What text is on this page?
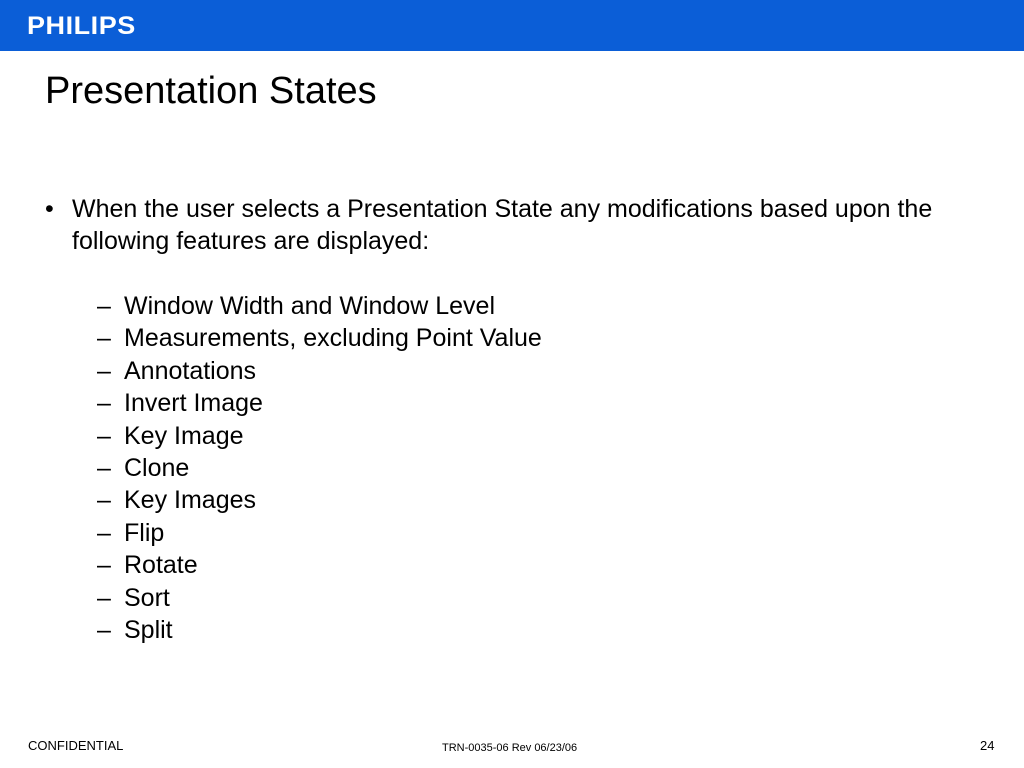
PHILIPS
Presentation States
• When the user selects a Presentation State any modifications based upon the following features are displayed:
– Window Width and Window Level
– Measurements, excluding Point Value
– Annotations
– Invert Image
– Key Image
– Clone
– Key Images
– Flip
– Rotate
– Sort
– Split
CONFIDENTIAL	TRN-0035-06 Rev 06/23/06	24
